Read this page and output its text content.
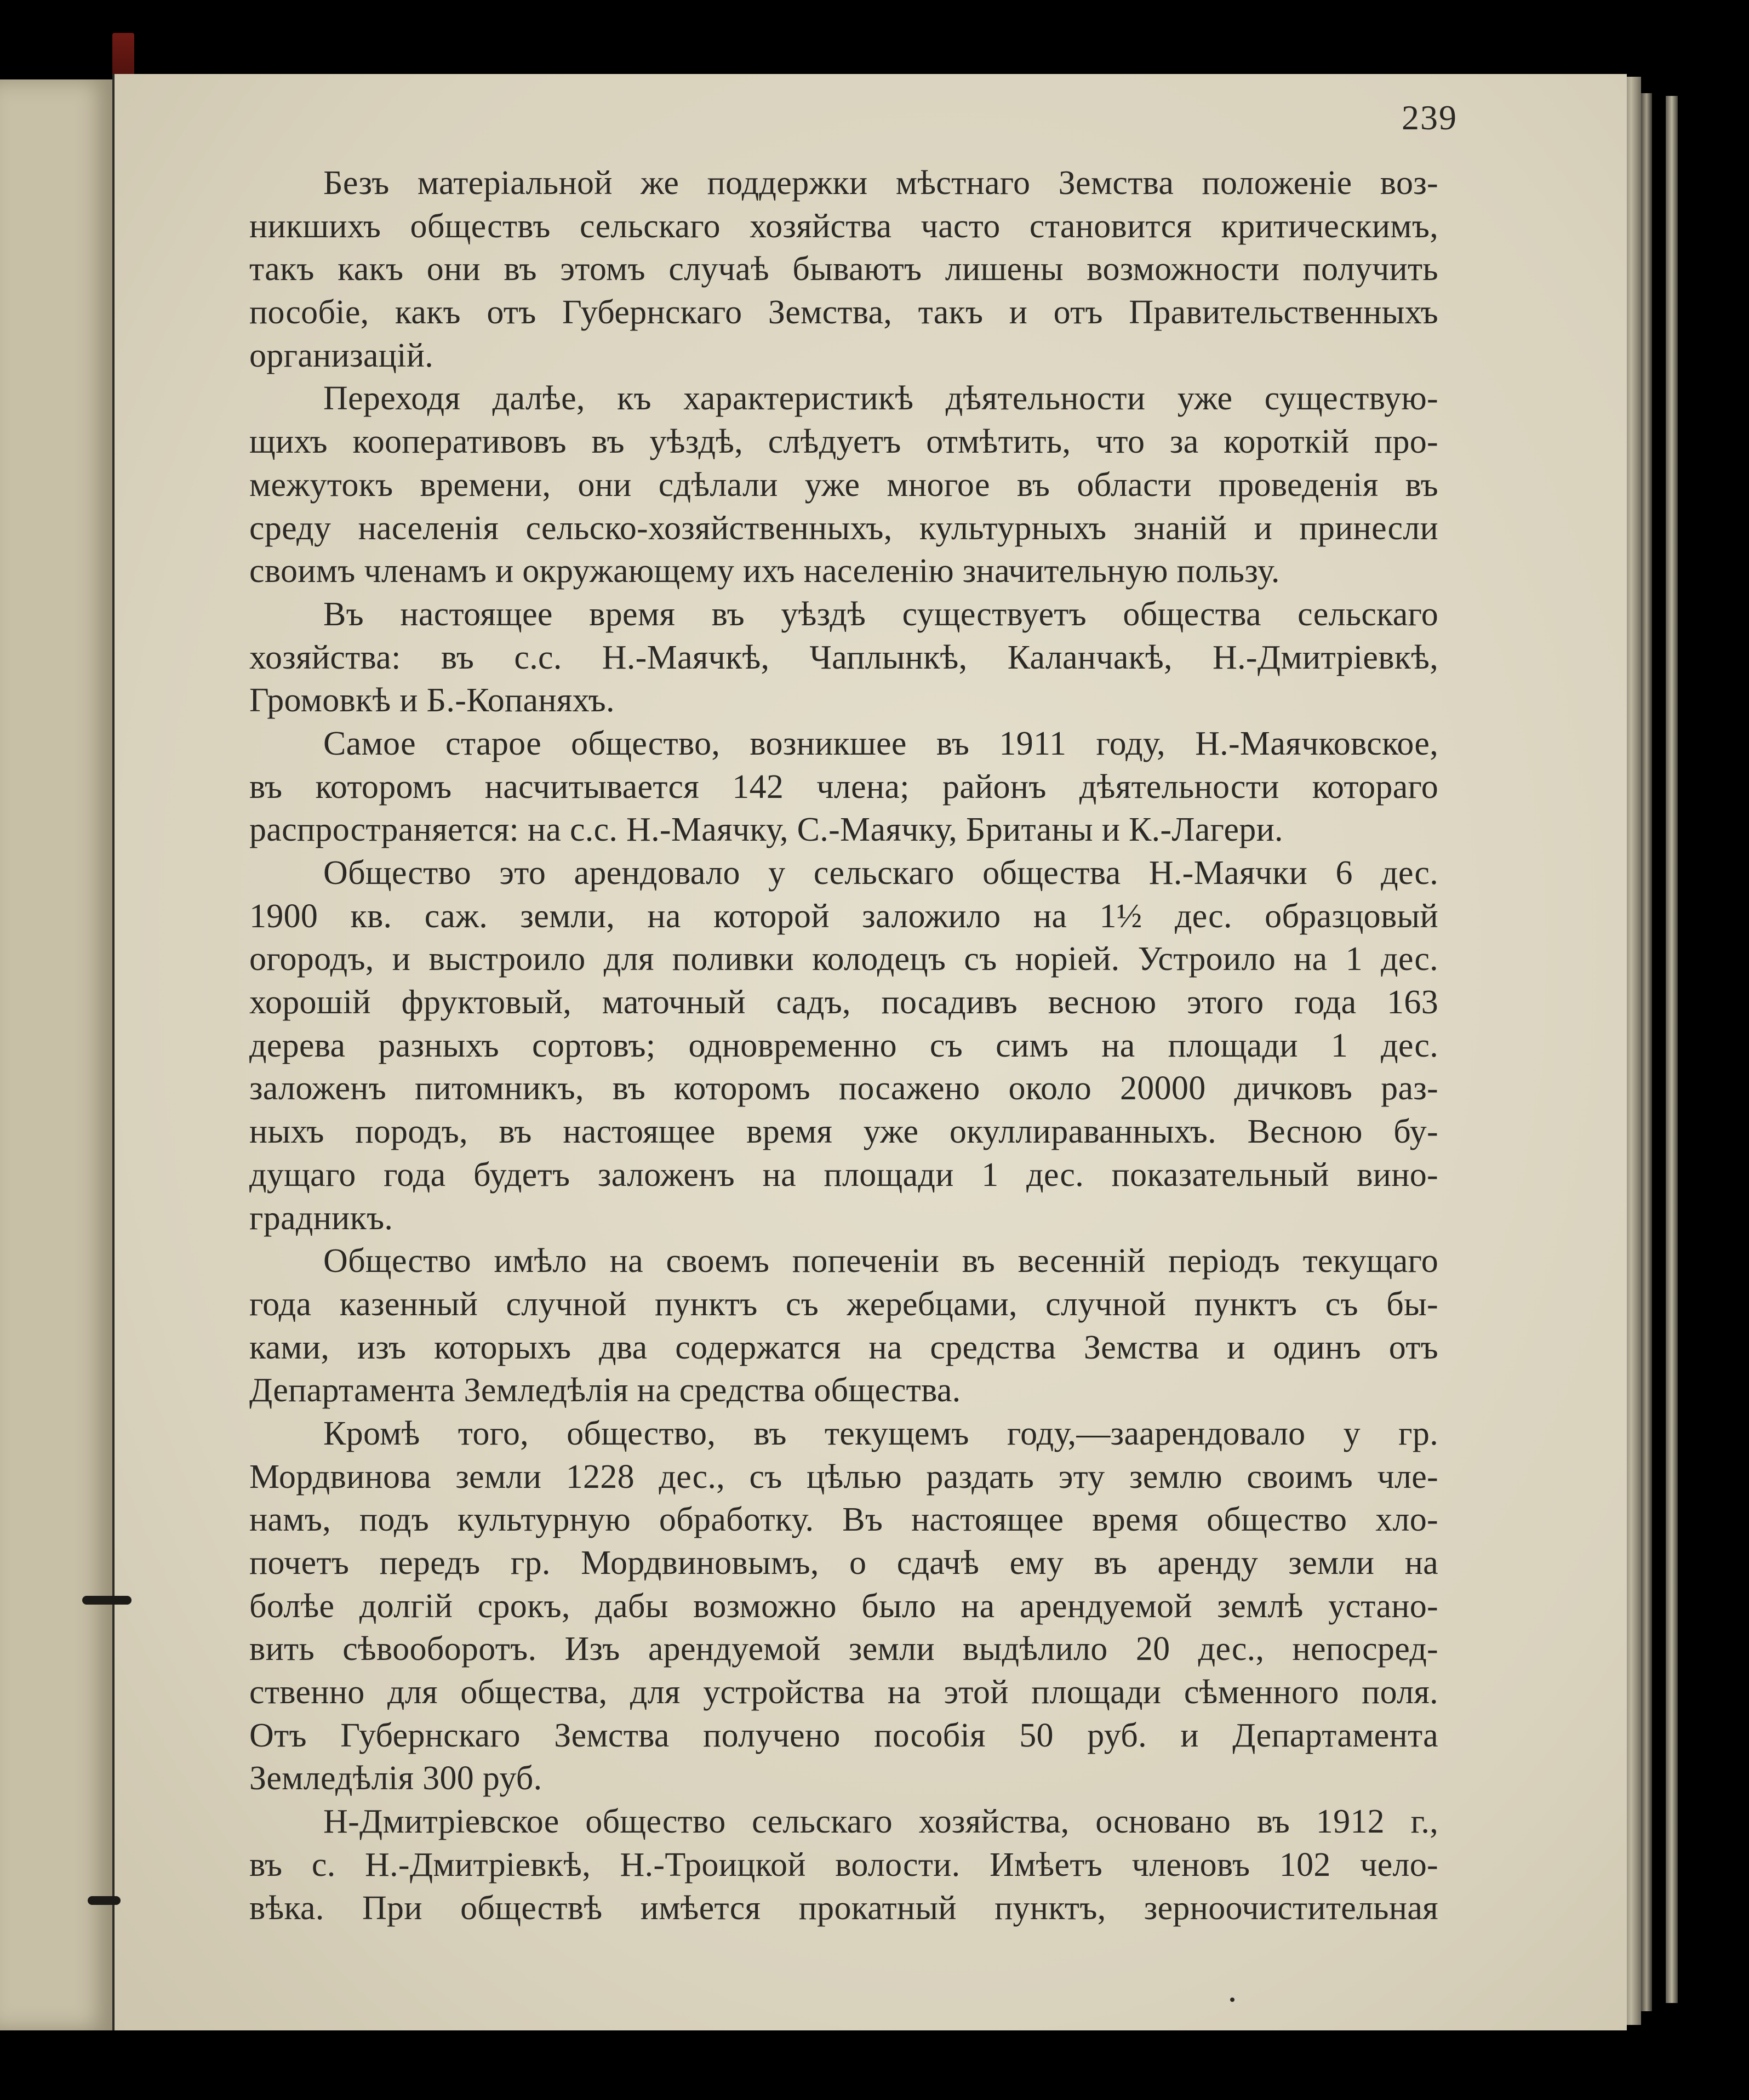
239
Безъ матеріальной же поддержки мѣстнаго Земства положеніе воз-
никшихъ обществъ сельскаго хозяйства часто становится критическимъ,
такъ какъ они въ этомъ случаѣ бываютъ лишены возможности получить
пособіе, какъ отъ Губернскаго Земства, такъ и отъ Правительственныхъ
организацій.
Переходя далѣе, къ характеристикѣ дѣятельности уже существую-
щихъ кооперативовъ въ уѣздѣ, слѣдуетъ отмѣтить, что за короткій про-
межутокъ времени, они сдѣлали уже многое въ области проведенія въ
среду населенія сельско-хозяйственныхъ, культурныхъ знаній и принесли
своимъ членамъ и окружающему ихъ населенію значительную пользу.
Въ настоящее время въ уѣздѣ существуетъ общества сельскаго
хозяйства: въ с.с. Н.-Маячкѣ, Чаплынкѣ, Каланчакѣ, Н.-Дмитріевкѣ,
Громовкѣ и Б.-Копаняхъ.
Самое старое общество, возникшее въ 1911 году, Н.-Маячковское,
въ которомъ насчитывается 142 члена; районъ дѣятельности котораго
распространяется: на с.с. Н.-Маячку, С.-Маячку, Британы и К.-Лагери.
Общество это арендовало у сельскаго общества Н.-Маячки 6 дес.
1900 кв. саж. земли, на которой заложило на 1½ дес. образцовый
огородъ, и выстроило для поливки колодецъ съ норіей. Устроило на 1 дес.
хорошій фруктовый, маточный садъ, посадивъ весною этого года 163
дерева разныхъ сортовъ; одновременно съ симъ на площади 1 дес.
заложенъ питомникъ, въ которомъ посажено около 20000 дичковъ раз-
ныхъ породъ, въ настоящее время уже окуллираванныхъ. Весною бу-
дущаго года будетъ заложенъ на площади 1 дес. показательный вино-
градникъ.
Общество имѣло на своемъ попеченіи въ весенній періодъ текущаго
года казенный случной пунктъ съ жеребцами, случной пунктъ съ бы-
ками, изъ которыхъ два содержатся на средства Земства и одинъ отъ
Департамента Земледѣлія на средства общества.
Кромѣ того, общество, въ текущемъ году,—заарендовало у гр.
Мордвинова земли 1228 дес., съ цѣлью раздать эту землю своимъ чле-
намъ, подъ культурную обработку. Въ настоящее время общество хло-
почетъ передъ гр. Мордвиновымъ, о сдачѣ ему въ аренду земли на
болѣе долгій срокъ, дабы возможно было на арендуемой землѣ устано-
вить сѣвооборотъ. Изъ арендуемой земли выдѣлило 20 дес., непосред-
ственно для общества, для устройства на этой площади сѣменного поля.
Отъ Губернскаго Земства получено пособія 50 руб. и Департамента
Земледѣлія 300 руб.
Н-Дмитріевское общество сельскаго хозяйства, основано въ 1912 г.,
въ с. Н.-Дмитріевкѣ, Н.-Троицкой волости. Имѣетъ членовъ 102 чело-
вѣка. При обществѣ имѣется прокатный пунктъ, зерноочистительная
